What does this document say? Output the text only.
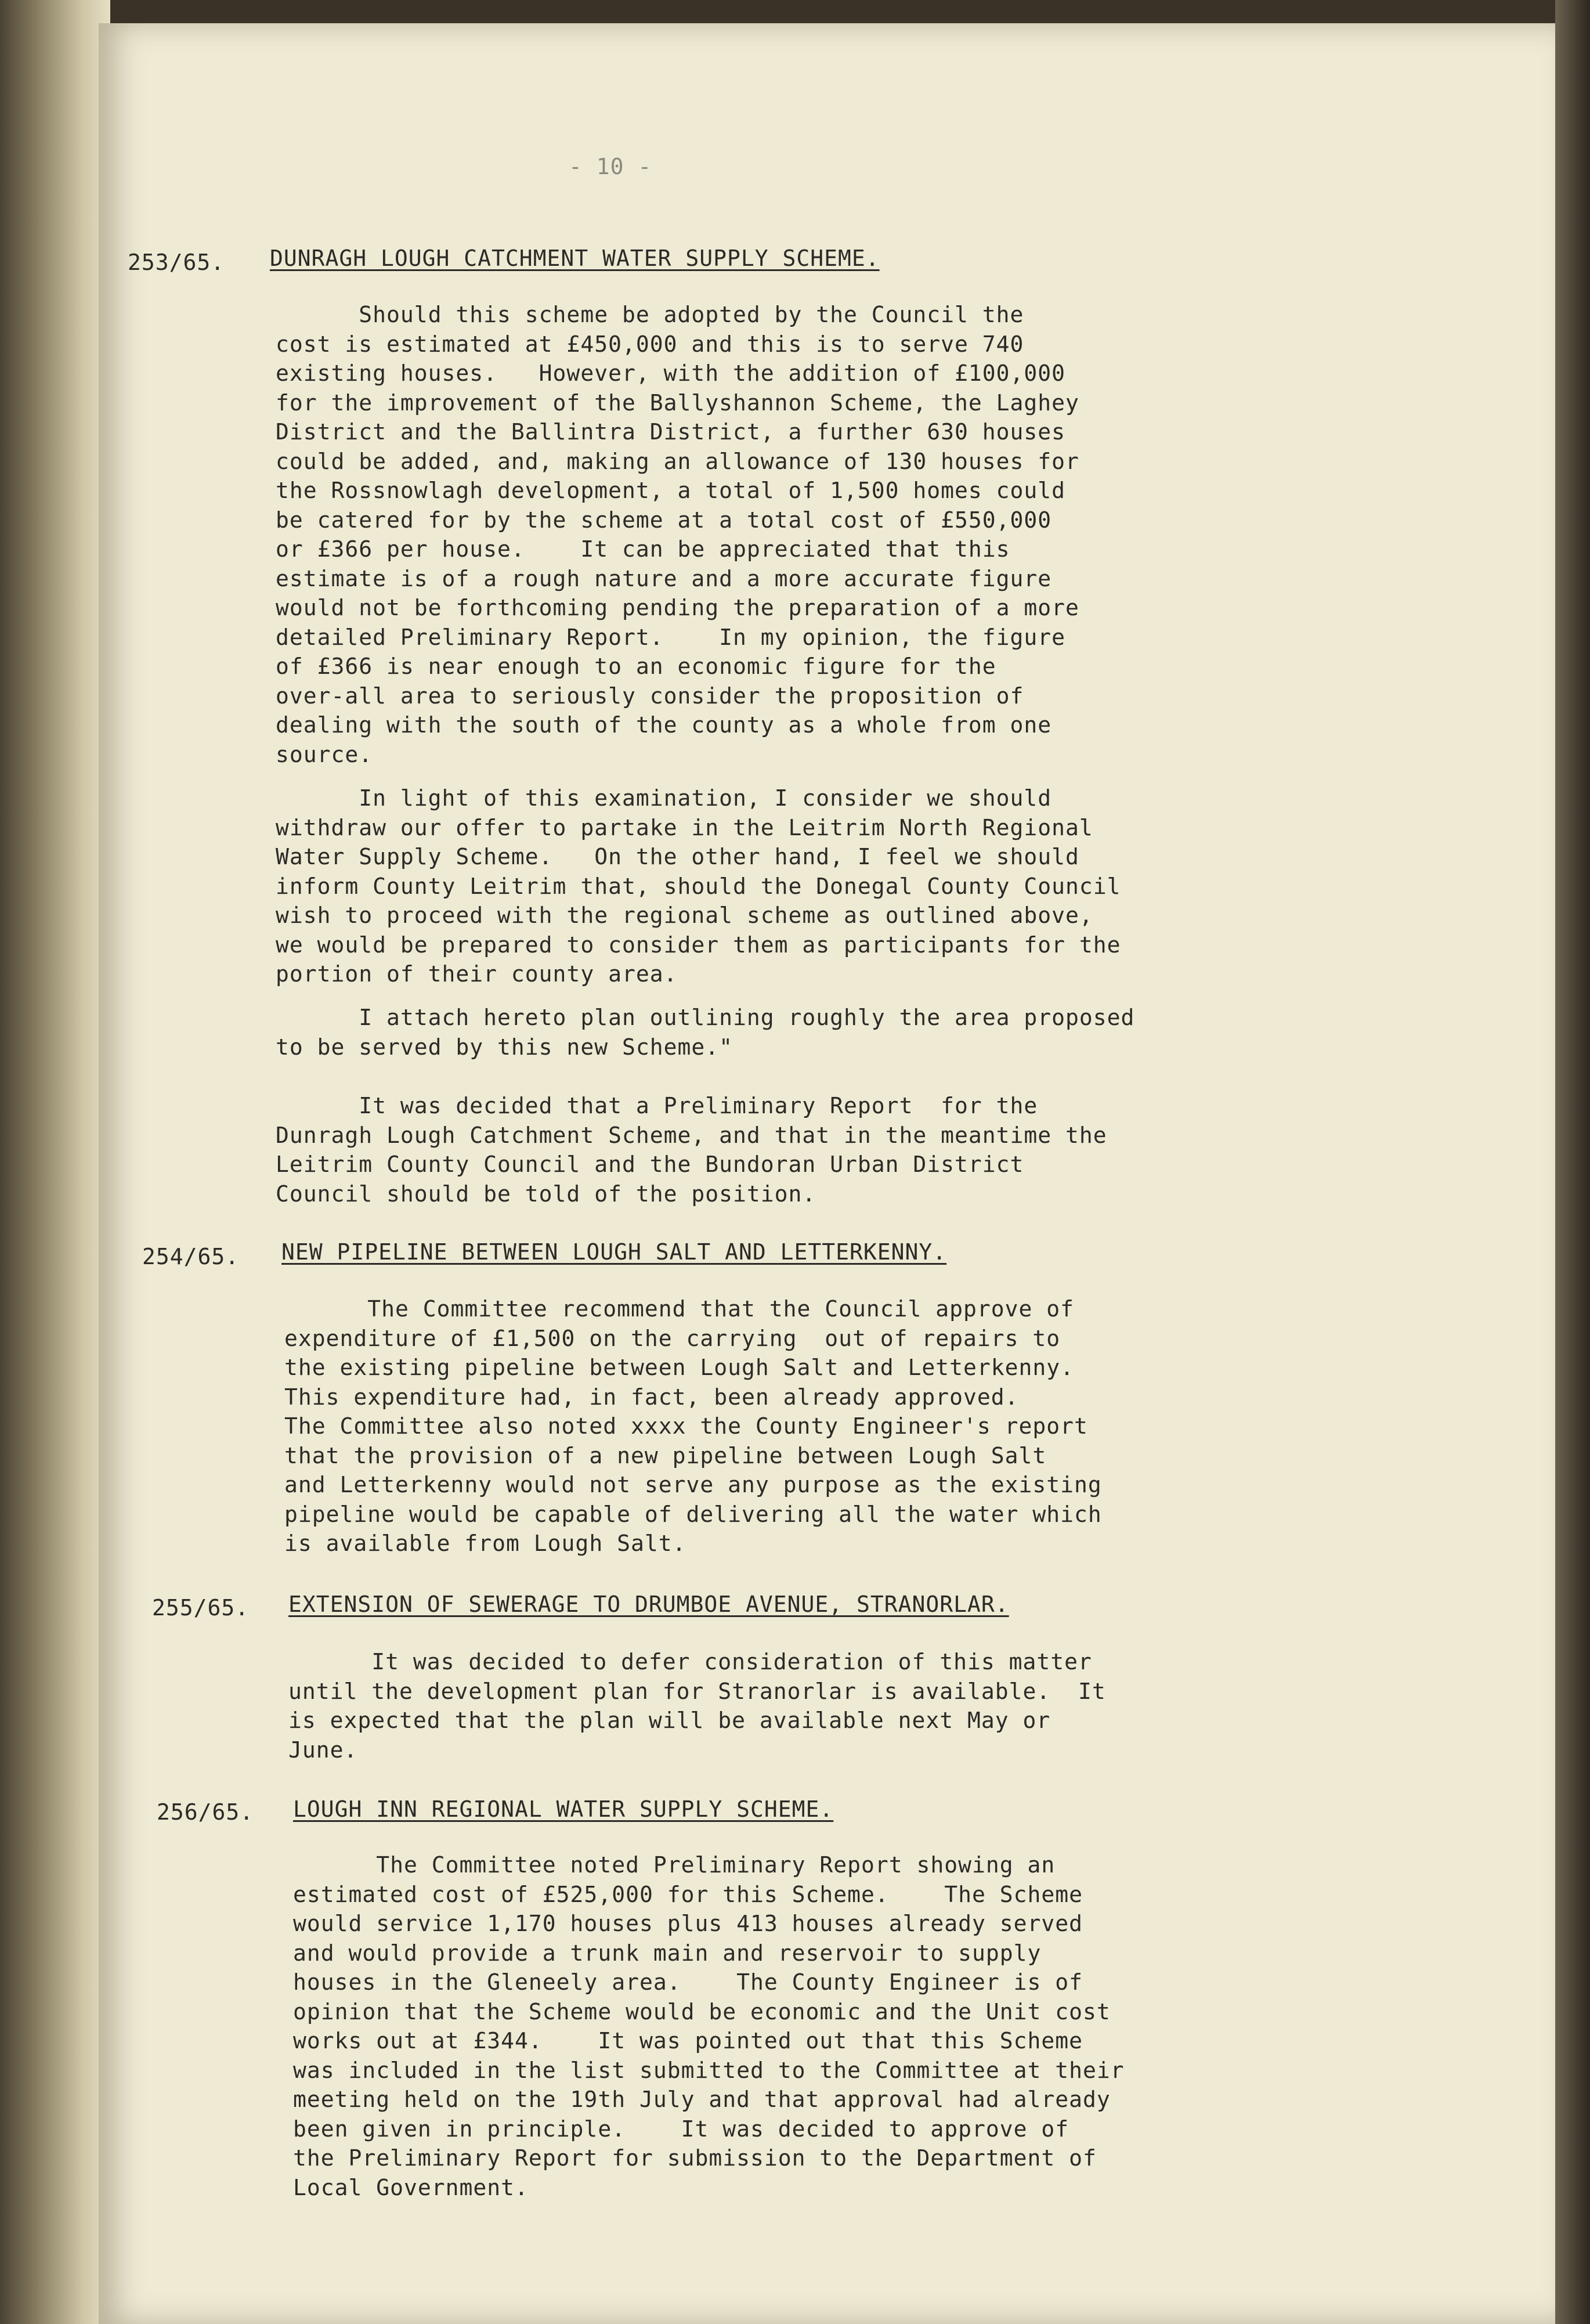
- 10 -
253/65. DUNRAGH LOUGH CATCHMENT WATER SUPPLY SCHEME.
Should this scheme be adopted by the Council the
cost is estimated at £450,000 and this is to serve 740
existing houses.   However, with the addition of £100,000
for the improvement of the Ballyshannon Scheme, the Laghey
District and the Ballintra District, a further 630 houses
could be added, and, making an allowance of 130 houses for
the Rossnowlagh development, a total of 1,500 homes could
be catered for by the scheme at a total cost of £550,000
or £366 per house.    It can be appreciated that this
estimate is of a rough nature and a more accurate figure
would not be forthcoming pending the preparation of a more
detailed Preliminary Report.    In my opinion, the figure
of £366 is near enough to an economic figure for the
over-all area to seriously consider the proposition of
dealing with the south of the county as a whole from one
source.
In light of this examination, I consider we should
withdraw our offer to partake in the Leitrim North Regional
Water Supply Scheme.   On the other hand, I feel we should
inform County Leitrim that, should the Donegal County Council
wish to proceed with the regional scheme as outlined above,
we would be prepared to consider them as participants for the
portion of their county area.
I attach hereto plan outlining roughly the area proposed
to be served by this new Scheme."
It was decided that a Preliminary Report  for the
Dunragh Lough Catchment Scheme, and that in the meantime the
Leitrim County Council and the Bundoran Urban District
Council should be told of the position.
254/65. NEW PIPELINE BETWEEN LOUGH SALT AND LETTERKENNY.
The Committee recommend that the Council approve of
expenditure of £1,500 on the carrying  out of repairs to
the existing pipeline between Lough Salt and Letterkenny.
This expenditure had, in fact, been already approved.
The Committee also noted xxxx the County Engineer's report
that the provision of a new pipeline between Lough Salt
and Letterkenny would not serve any purpose as the existing
pipeline would be capable of delivering all the water which
is available from Lough Salt.
255/65. EXTENSION OF SEWERAGE TO DRUMBOE AVENUE, STRANORLAR.
It was decided to defer consideration of this matter
until the development plan for Stranorlar is available.  It
is expected that the plan will be available next May or
June.
256/65. LOUGH INN REGIONAL WATER SUPPLY SCHEME.
The Committee noted Preliminary Report showing an
estimated cost of £525,000 for this Scheme.    The Scheme
would service 1,170 houses plus 413 houses already served
and would provide a trunk main and reservoir to supply
houses in the Gleneely area.    The County Engineer is of
opinion that the Scheme would be economic and the Unit cost
works out at £344.    It was pointed out that this Scheme
was included in the list submitted to the Committee at their
meeting held on the 19th July and that approval had already
been given in principle.    It was decided to approve of
the Preliminary Report for submission to the Department of
Local Government.
